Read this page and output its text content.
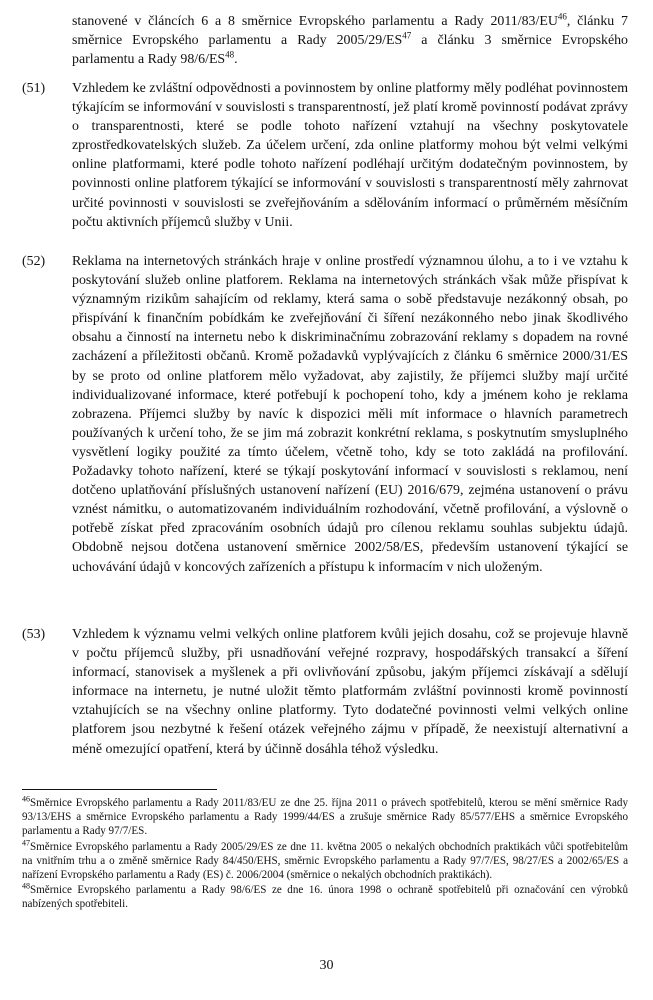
stanovené v článcích 6 a 8 směrnice Evropského parlamentu a Rady 2011/83/EU$^{46}$, článku 7 směrnice Evropského parlamentu a Rady 2005/29/ES$^{47}$ a článku 3 směrnice Evropského parlamentu a Rady 98/6/ES$^{48}$.
(51)	Vzhledem ke zvláštní odpovědnosti a povinnostem by online platformy měly podléhat povinnostem týkajícím se informování v souvislosti s transparentností, jež platí kromě povinností podávat zprávy o transparentnosti, které se podle tohoto nařízení vztahují na všechny poskytovatele zprostředkovatelských služeb. Za účelem určení, zda online platformy mohou být velmi velkými online platformami, které podle tohoto nařízení podléhají určitým dodatečným povinnostem, by povinnosti online platforem týkající se informování v souvislosti s transparentností měly zahrnovat určité povinnosti v souvislosti se zveřejňováním a sdělováním informací o průměrném měsíčním počtu aktivních příjemců služby v Unii.
(52)	Reklama na internetových stránkách hraje v online prostředí významnou úlohu, a to i ve vztahu k poskytování služeb online platforem. Reklama na internetových stránkách však může přispívat k významným rizikům sahajícím od reklamy, která sama o sobě představuje nezákonný obsah, po přispívání k finančním pobídkám ke zveřejňování či šíření nezákonného nebo jinak škodlivého obsahu a činností na internetu nebo k diskriminačnímu zobrazování reklamy s dopadem na rovné zacházení a příležitosti občanů. Kromě požadavků vyplývajících z článku 6 směrnice 2000/31/ES by se proto od online platforem mělo vyžadovat, aby zajistily, že příjemci služby mají určité individualizované informace, které potřebují k pochopení toho, kdy a jménem koho je reklama zobrazena. Příjemci služby by navíc k dispozici měli mít informace o hlavních parametrech používaných k určení toho, že se jim má zobrazit konkrétní reklama, s poskytnutím smysluplného vysvětlení logiky použité za tímto účelem, včetně toho, kdy se toto zakládá na profilování. Požadavky tohoto nařízení, které se týkají poskytování informací v souvislosti s reklamou, není dotčeno uplatňování příslušných ustanovení nařízení (EU) 2016/679, zejména ustanovení o právu vznést námitku, o automatizovaném individuálním rozhodování, včetně profilování, a výslovně o potřebě získat před zpracováním osobních údajů pro cílenou reklamu souhlas subjektu údajů. Obdobně nejsou dotčena ustanovení směrnice 2002/58/ES, především ustanovení týkající se uchovávání údajů v koncových zařízeních a přístupu k informacím v nich uloženým.
(53)	Vzhledem k významu velmi velkých online platforem kvůli jejich dosahu, což se projevuje hlavně v počtu příjemců služby, při usnadňování veřejné rozpravy, hospodářských transakcí a šíření informací, stanovisek a myšlenek a při ovlivňování způsobu, jakým příjemci získávají a sdělují informace na internetu, je nutné uložit těmto platformám zvláštní povinnosti kromě povinností vztahujících se na všechny online platformy. Tyto dodatečné povinnosti velmi velkých online platforem jsou nezbytné k řešení otázek veřejného zájmu v případě, že neexistují alternativní a méně omezující opatření, která by účinně dosáhla téhož výsledku.
$^{46}$Směrnice Evropského parlamentu a Rady 2011/83/EU ze dne 25. října 2011 o právech spotřebitelů, kterou se mění směrnice Rady 93/13/EHS a směrnice Evropského parlamentu a Rady 1999/44/ES a zrušuje směrnice Rady 85/577/EHS a směrnice Evropského parlamentu a Rady 97/7/ES.
$^{47}$Směrnice Evropského parlamentu a Rady 2005/29/ES ze dne 11. května 2005 o nekalých obchodních praktikách vůči spotřebitelům na vnitřním trhu a o změně směrnice Rady 84/450/EHS, směrnic Evropského parlamentu a Rady 97/7/ES, 98/27/ES a 2002/65/ES a nařízení Evropského parlamentu a Rady (ES) č. 2006/2004 (směrnice o nekalých obchodních praktikách).
$^{48}$Směrnice Evropského parlamentu a Rady 98/6/ES ze dne 16. února 1998 o ochraně spotřebitelů při označování cen výrobků nabízených spotřebiteli.
30
